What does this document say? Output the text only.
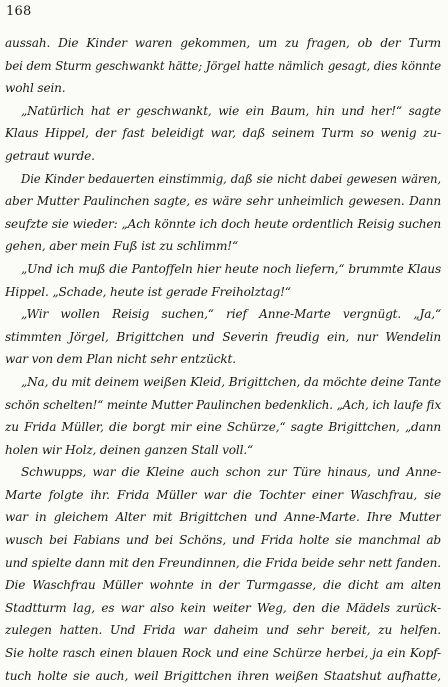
168
aussah. Die Kinder waren gekommen, um zu fragen, ob der Turm
bei dem Sturm geschwankt hätte; Jörgel hatte nämlich gesagt, dies könnte
wohl sein.
„Natürlich hat er geschwankt, wie ein Baum, hin und her!“ sagte
Klaus Hippel, der fast beleidigt war, daß seinem Turm so wenig zu-
getraut wurde.
Die Kinder bedauerten einstimmig, daß sie nicht dabei gewesen wären,
aber Mutter Paulinchen sagte, es wäre sehr unheimlich gewesen. Dann
seufzte sie wieder: „Ach könnte ich doch heute ordentlich Reisig suchen
gehen, aber mein Fuß ist zu schlimm!“
„Und ich muß die Pantoffeln hier heute noch liefern,“ brummte Klaus
Hippel. „Schade, heute ist gerade Freiholztag!“
„Wir wollen Reisig suchen,“ rief Anne-Marte vergnügt. „Ja,“
stimmten Jörgel, Brigittchen und Severin freudig ein, nur Wendelin
war von dem Plan nicht sehr entzückt.
„Na, du mit deinem weißen Kleid, Brigittchen, da möchte deine Tante
schön schelten!“ meinte Mutter Paulinchen bedenklich. „Ach, ich laufe fix
zu Frida Müller, die borgt mir eine Schürze,“ sagte Brigittchen, „dann
holen wir Holz, deinen ganzen Stall voll.“
Schwupps, war die Kleine auch schon zur Türe hinaus, und Anne-
Marte folgte ihr. Frida Müller war die Tochter einer Waschfrau, sie
war in gleichem Alter mit Brigittchen und Anne-Marte. Ihre Mutter
wusch bei Fabians und bei Schöns, und Frida holte sie manchmal ab
und spielte dann mit den Freundinnen, die Frida beide sehr nett fanden.
Die Waschfrau Müller wohnte in der Turmgasse, die dicht am alten
Stadtturm lag, es war also kein weiter Weg, den die Mädels zurück-
zulegen hatten. Und Frida war daheim und sehr bereit, zu helfen.
Sie holte rasch einen blauen Rock und eine Schürze herbei, ja ein Kopf-
tuch holte sie auch, weil Brigittchen ihren weißen Staatshut aufhatte,
